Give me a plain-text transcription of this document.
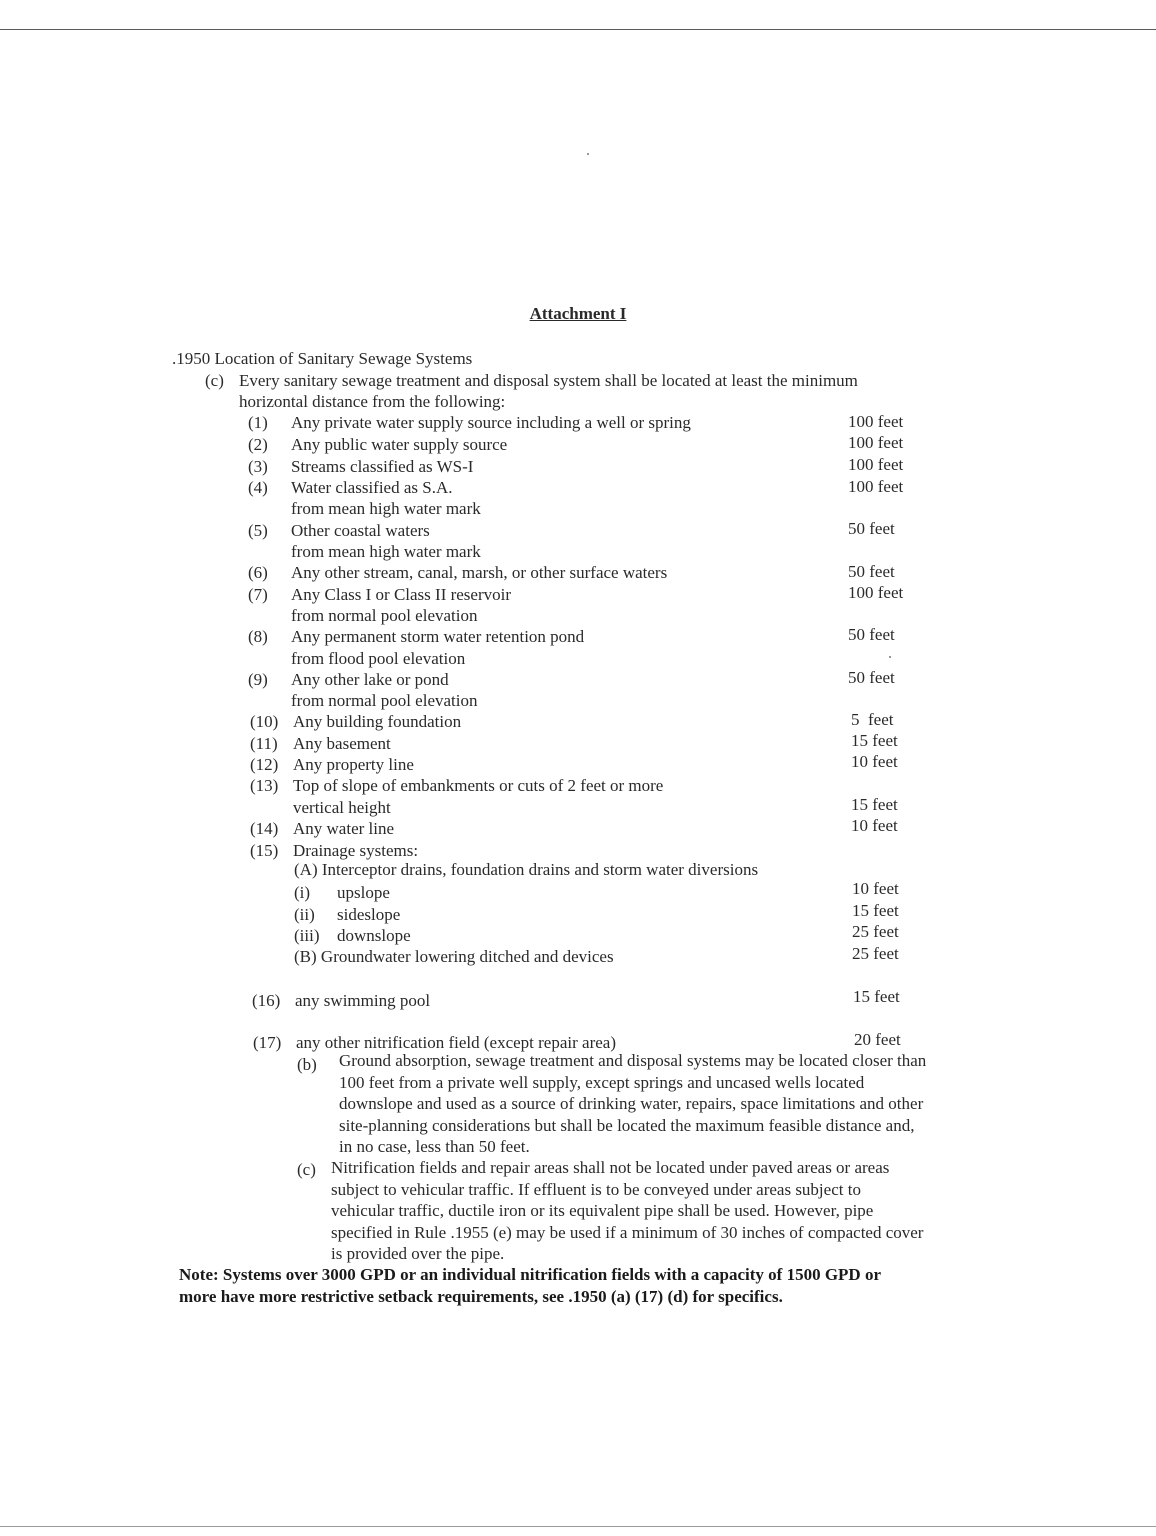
Attachment I
.1950 Location of Sanitary Sewage Systems
(c) Every sanitary sewage treatment and disposal system shall be located at least the minimum
horizontal distance from the following:
(1) Any private water supply source including a well or spring	100 feet
(2) Any public water supply source	100 feet
(3) Streams classified as WS-I	100 feet
(4) Water classified as S.A.	100 feet
from mean high water mark
(5) Other coastal waters	50 feet
from mean high water mark
(6) Any other stream, canal, marsh, or other surface waters	50 feet
(7) Any Class I or Class II reservoir	100 feet
from normal pool elevation
(8) Any permanent storm water retention pond	50 feet
from flood pool elevation
(9) Any other lake or pond	50 feet
from normal pool elevation
(10) Any building foundation	5  feet
(11) Any basement	15 feet
(12) Any property line	10 feet
(13) Top of slope of embankments or cuts of 2 feet or more
vertical height	15 feet
(14) Any water line	10 feet
(15) Drainage systems:
(A) Interceptor drains, foundation drains and storm water diversions
(i) upslope	10 feet
(ii) sideslope	15 feet
(iii) downslope	25 feet
(B) Groundwater lowering ditched and devices	25 feet
(16) any swimming pool	15 feet
(17) any other nitrification field (except repair area)	20 feet
(b) Ground absorption, sewage treatment and disposal systems may be located closer than
100 feet from a private well supply, except springs and uncased wells located
downslope and used as a source of drinking water, repairs, space limitations and other
site-planning considerations but shall be located the maximum feasible distance and,
in no case, less than 50 feet.
(c) Nitrification fields and repair areas shall not be located under paved areas or areas
subject to vehicular traffic. If effluent is to be conveyed under areas subject to
vehicular traffic, ductile iron or its equivalent pipe shall be used. However, pipe
specified in Rule .1955 (e) may be used if a minimum of 30 inches of compacted cover
is provided over the pipe.
Note: Systems over 3000 GPD or an individual nitrification fields with a capacity of 1500 GPD or
more have more restrictive setback requirements, see .1950 (a) (17) (d) for specifics.
